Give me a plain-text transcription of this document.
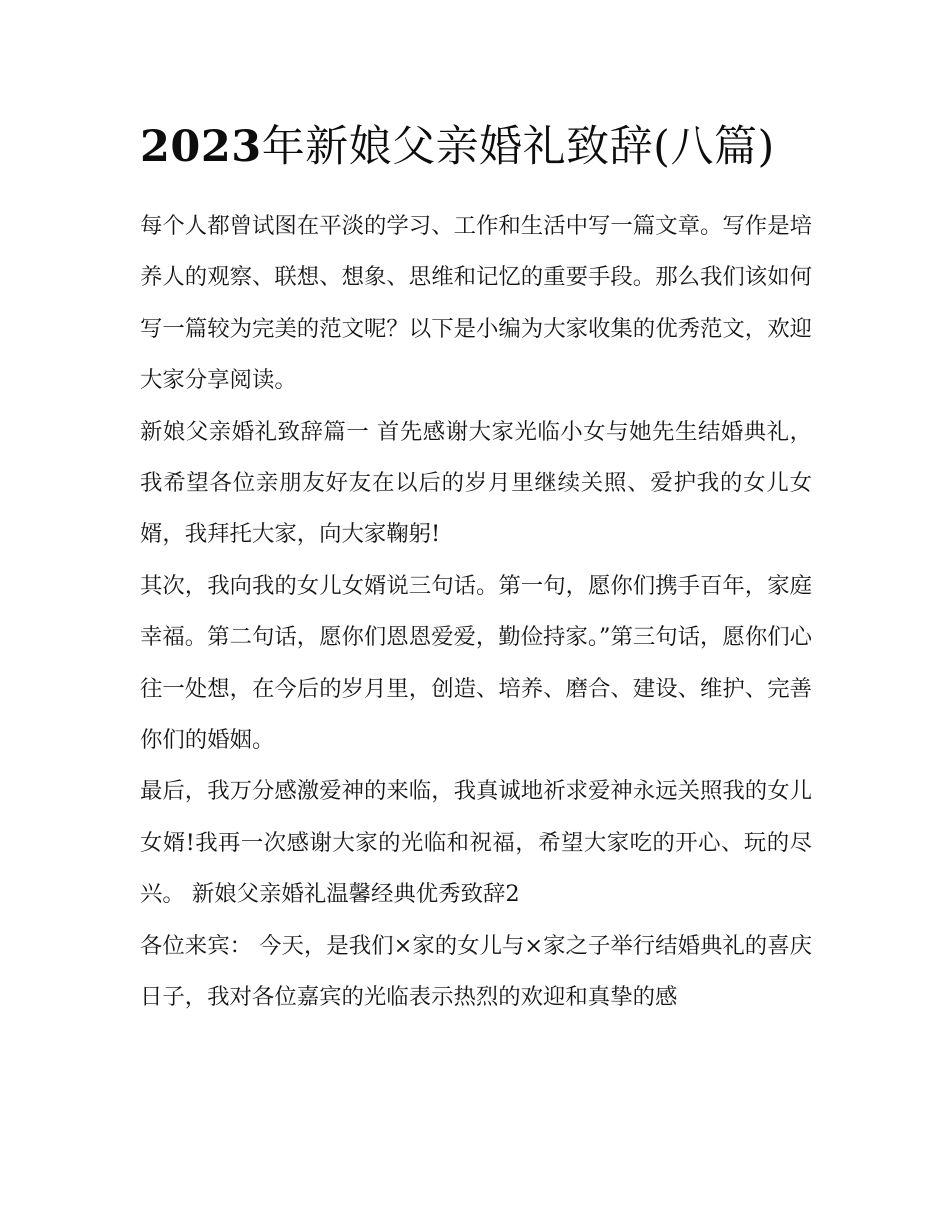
2023年新娘父亲婚礼致辞(八篇)

每个人都曾试图在平淡的学习、工作和生活中写一篇文章。写作是培养人的观察、联想、想象、思维和记忆的重要手段。那么我们该如何写一篇较为完美的范文呢？以下是小编为大家收集的优秀范文，欢迎大家分享阅读。

新娘父亲婚礼致辞篇一 首先感谢大家光临小女与她先生结婚典礼，我希望各位亲朋友好友在以后的岁月里继续关照、爱护我的女儿女婿，我拜托大家，向大家鞠躬!

其次，我向我的女儿女婿说三句话。第一句，愿你们携手百年，家庭幸福。第二句话，愿你们恩恩爱爱，勤俭持家。”第三句话，愿你们心往一处想，在今后的岁月里，创造、培养、磨合、建设、维护、完善你们的婚姻。

最后，我万分感激爱神的来临，我真诚地祈求爱神永远关照我的女儿女婿!我再一次感谢大家的光临和祝福，希望大家吃的开心、玩的尽兴。 新娘父亲婚礼温馨经典优秀致辞2

各位来宾： 今天，是我们×家的女儿与×家之子举行结婚典礼的喜庆日子，我对各位嘉宾的光临表示热烈的欢迎和真挚的感
